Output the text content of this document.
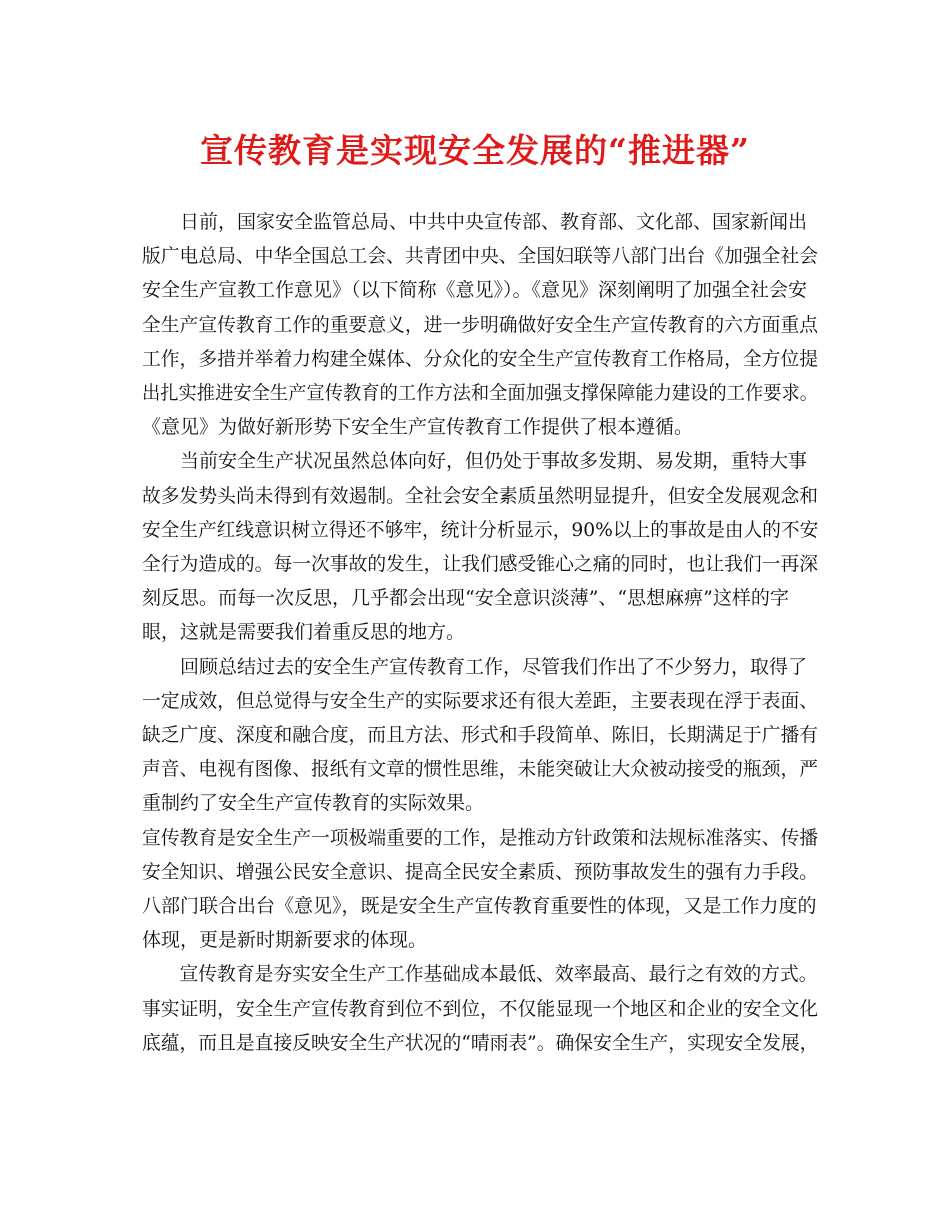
宣传教育是实现安全发展的“推进器”
日前，国家安全监管总局、中共中央宣传部、教育部、文化部、国家新闻出
版广电总局、中华全国总工会、共青团中央、全国妇联等八部门出台《加强全社会
安全生产宣教工作意见》（以下简称《意见》）。《意见》深刻阐明了加强全社会安
全生产宣传教育工作的重要意义，进一步明确做好安全生产宣传教育的六方面重点
工作，多措并举着力构建全媒体、分众化的安全生产宣传教育工作格局，全方位提
出扎实推进安全生产宣传教育的工作方法和全面加强支撑保障能力建设的工作要求。
《意见》为做好新形势下安全生产宣传教育工作提供了根本遵循。
当前安全生产状况虽然总体向好，但仍处于事故多发期、易发期，重特大事
故多发势头尚未得到有效遏制。全社会安全素质虽然明显提升，但安全发展观念和
安全生产红线意识树立得还不够牢，统计分析显示，90%以上的事故是由人的不安
全行为造成的。每一次事故的发生，让我们感受锥心之痛的同时，也让我们一再深
刻反思。而每一次反思，几乎都会出现“安全意识淡薄”、“思想麻痹”这样的字
眼，这就是需要我们着重反思的地方。
回顾总结过去的安全生产宣传教育工作，尽管我们作出了不少努力，取得了
一定成效，但总觉得与安全生产的实际要求还有很大差距，主要表现在浮于表面、
缺乏广度、深度和融合度，而且方法、形式和手段简单、陈旧，长期满足于广播有
声音、电视有图像、报纸有文章的惯性思维，未能突破让大众被动接受的瓶颈，严
重制约了安全生产宣传教育的实际效果。
宣传教育是安全生产一项极端重要的工作，是推动方针政策和法规标准落实、传播
安全知识、增强公民安全意识、提高全民安全素质、预防事故发生的强有力手段。
八部门联合出台《意见》，既是安全生产宣传教育重要性的体现，又是工作力度的
体现，更是新时期新要求的体现。
宣传教育是夯实安全生产工作基础成本最低、效率最高、最行之有效的方式。
事实证明，安全生产宣传教育到位不到位，不仅能显现一个地区和企业的安全文化
底蕴，而且是直接反映安全生产状况的“晴雨表”。确保安全生产，实现安全发展，
